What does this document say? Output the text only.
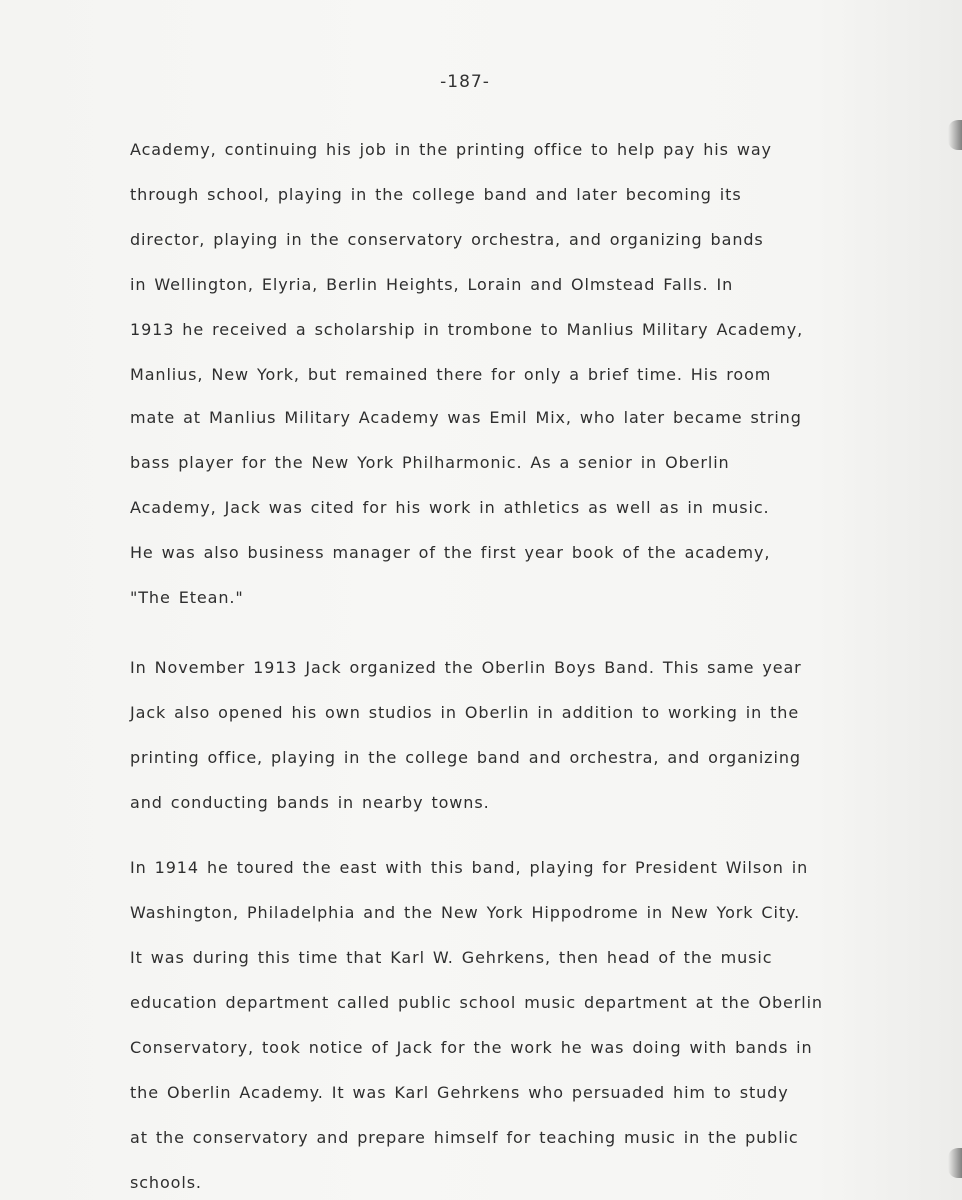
-187-
Academy, continuing his job in the printing office to help pay his way
through school, playing in the college band and later becoming its
director, playing in the conservatory orchestra, and organizing bands
in Wellington, Elyria, Berlin Heights, Lorain and Olmstead Falls. In
1913 he received a scholarship in trombone to Manlius Military Academy,
Manlius, New York, but remained there for only a brief time. His room
mate at Manlius Military Academy was Emil Mix, who later became string
bass player for the New York Philharmonic. As a senior in Oberlin
Academy, Jack was cited for his work in athletics as well as in music.
He was also business manager of the first year book of the academy,
"The Etean."
In November 1913 Jack organized the Oberlin Boys Band. This same year
Jack also opened his own studios in Oberlin in addition to working in the
printing office, playing in the college band and orchestra, and organizing
and conducting bands in nearby towns.
In 1914 he toured the east with this band, playing for President Wilson in
Washington, Philadelphia and the New York Hippodrome in New York City.
It was during this time that Karl W. Gehrkens, then head of the music
education department called public school music department at the Oberlin
Conservatory, took notice of Jack for the work he was doing with bands in
the Oberlin Academy. It was Karl Gehrkens who persuaded him to study
at the conservatory and prepare himself for teaching music in the public
schools.
